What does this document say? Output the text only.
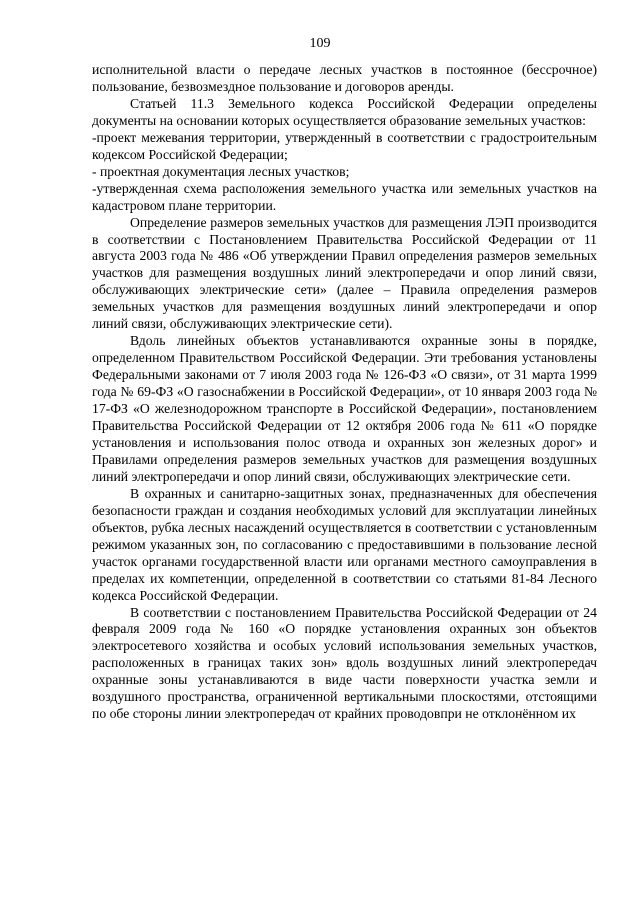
109

исполнительной власти о передаче лесных участков в постоянное (бессрочное) пользование, безвозмездное пользование и договоров аренды.

Статьей 11.3 Земельного кодекса Российской Федерации определены документы на основании которых осуществляется образование земельных участков:

-проект межевания территории, утвержденный в соответствии с градостроительным кодексом Российской Федерации;

- проектная документация лесных участков;

-утвержденная схема расположения земельного участка или земельных участков на кадастровом плане территории.

Определение размеров земельных участков для размещения ЛЭП производится в соответствии с Постановлением Правительства Российской Федерации от 11 августа 2003 года № 486 «Об утверждении Правил определения размеров земельных участков для размещения воздушных линий электропередачи и опор линий связи, обслуживающих электрические сети» (далее – Правила определения размеров земельных участков для размещения воздушных линий электропередачи и опор линий связи, обслуживающих электрические сети).

Вдоль линейных объектов устанавливаются охранные зоны в порядке, определенном Правительством Российской Федерации. Эти требования установлены Федеральными законами от 7 июля 2003 года № 126-ФЗ «О связи», от 31 марта 1999 года № 69-ФЗ «О газоснабжении в Российской Федерации», от 10 января 2003 года № 17-ФЗ «О железнодорожном транспорте в Российской Федерации», постановлением Правительства Российской Федерации от 12 октября 2006 года № 611 «О порядке установления и использования полос отвода и охранных зон железных дорог» и Правилами определения размеров земельных участков для размещения воздушных линий электропередачи и опор линий связи, обслуживающих электрические сети.

В охранных и санитарно-защитных зонах, предназначенных для обеспечения безопасности граждан и создания необходимых условий для эксплуатации линейных объектов, рубка лесных насаждений осуществляется в соответствии с установленным режимом указанных зон, по согласованию с предоставившими в пользование лесной участок органами государственной власти или органами местного самоуправления в пределах их компетенции, определенной в соответствии со статьями 81-84 Лесного кодекса Российской Федерации.

В соответствии с постановлением Правительства Российской Федерации от 24 февраля 2009 года № 160 «О порядке установления охранных зон объектов электросетевого хозяйства и особых условий использования земельных участков, расположенных в границах таких зон» вдоль воздушных линий электропередач охранные зоны устанавливаются в виде части поверхности участка земли и воздушного пространства, ограниченной вертикальными плоскостями, отстоящими по обе стороны линии электропередач от крайних проводовпри не отклонённом их
